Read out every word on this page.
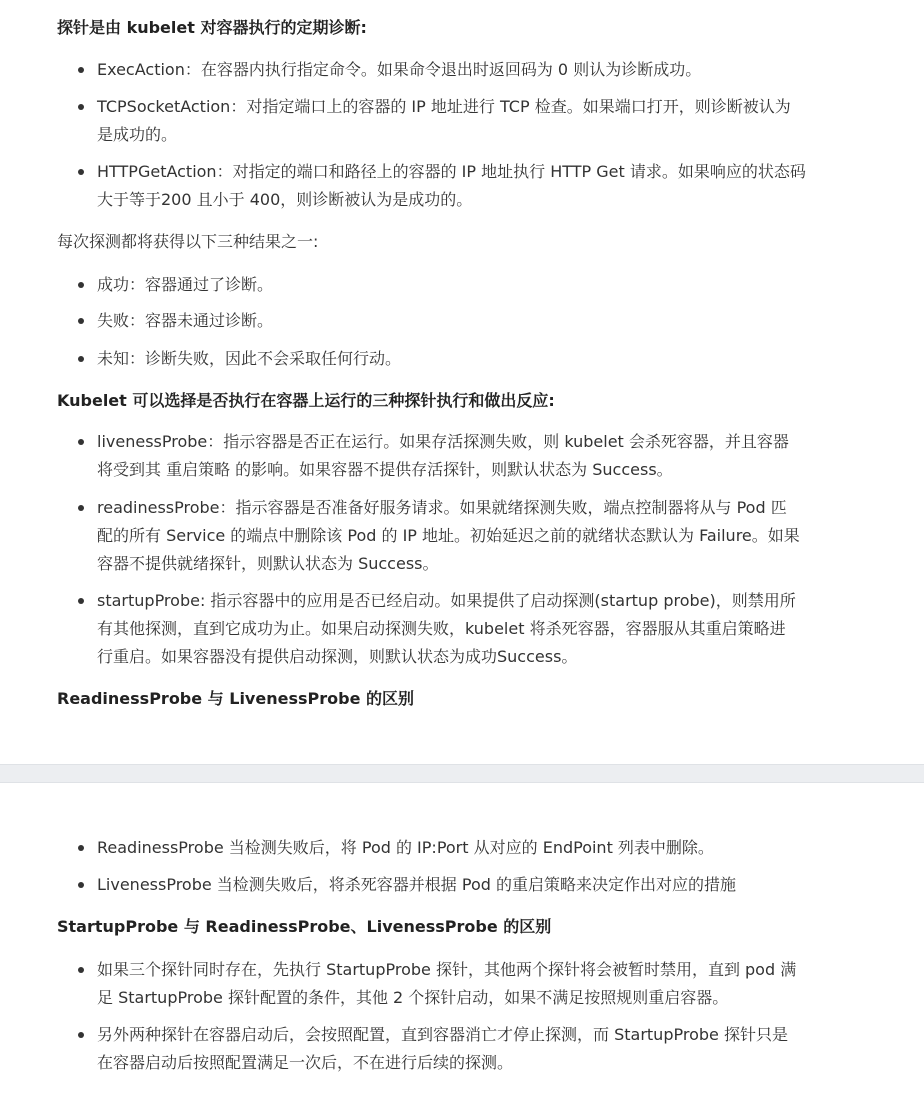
探针是由 kubelet 对容器执行的定期诊断:
ExecAction：在容器内执行指定命令。如果命令退出时返回码为 0 则认为诊断成功。
TCPSocketAction：对指定端口上的容器的 IP 地址进行 TCP 检查。如果端口打开，则诊断被认为
是成功的。
HTTPGetAction：对指定的端口和路径上的容器的 IP 地址执行 HTTP Get 请求。如果响应的状态码
大于等于200 且小于 400，则诊断被认为是成功的。
每次探测都将获得以下三种结果之一:
成功：容器通过了诊断。
失败：容器未通过诊断。
未知：诊断失败，因此不会采取任何行动。
Kubelet 可以选择是否执行在容器上运行的三种探针执行和做出反应:
livenessProbe：指示容器是否正在运行。如果存活探测失败，则 kubelet 会杀死容器，并且容器
将受到其 重启策略 的影响。如果容器不提供存活探针，则默认状态为 Success。
readinessProbe：指示容器是否准备好服务请求。如果就绪探测失败，端点控制器将从与 Pod 匹
配的所有 Service 的端点中删除该 Pod 的 IP 地址。初始延迟之前的就绪状态默认为 Failure。如果
容器不提供就绪探针，则默认状态为 Success。
startupProbe: 指示容器中的应用是否已经启动。如果提供了启动探测(startup probe)，则禁用所
有其他探测，直到它成功为止。如果启动探测失败，kubelet 将杀死容器，容器服从其重启策略进
行重启。如果容器没有提供启动探测，则默认状态为成功Success。
ReadinessProbe 与 LivenessProbe 的区别
ReadinessProbe 当检测失败后，将 Pod 的 IP:Port 从对应的 EndPoint 列表中删除。
LivenessProbe 当检测失败后，将杀死容器并根据 Pod 的重启策略来决定作出对应的措施
StartupProbe 与 ReadinessProbe、LivenessProbe 的区别
如果三个探针同时存在，先执行 StartupProbe 探针，其他两个探针将会被暂时禁用，直到 pod 满
足 StartupProbe 探针配置的条件，其他 2 个探针启动，如果不满足按照规则重启容器。
另外两种探针在容器启动后，会按照配置，直到容器消亡才停止探测，而 StartupProbe 探针只是
在容器启动后按照配置满足一次后，不在进行后续的探测。
